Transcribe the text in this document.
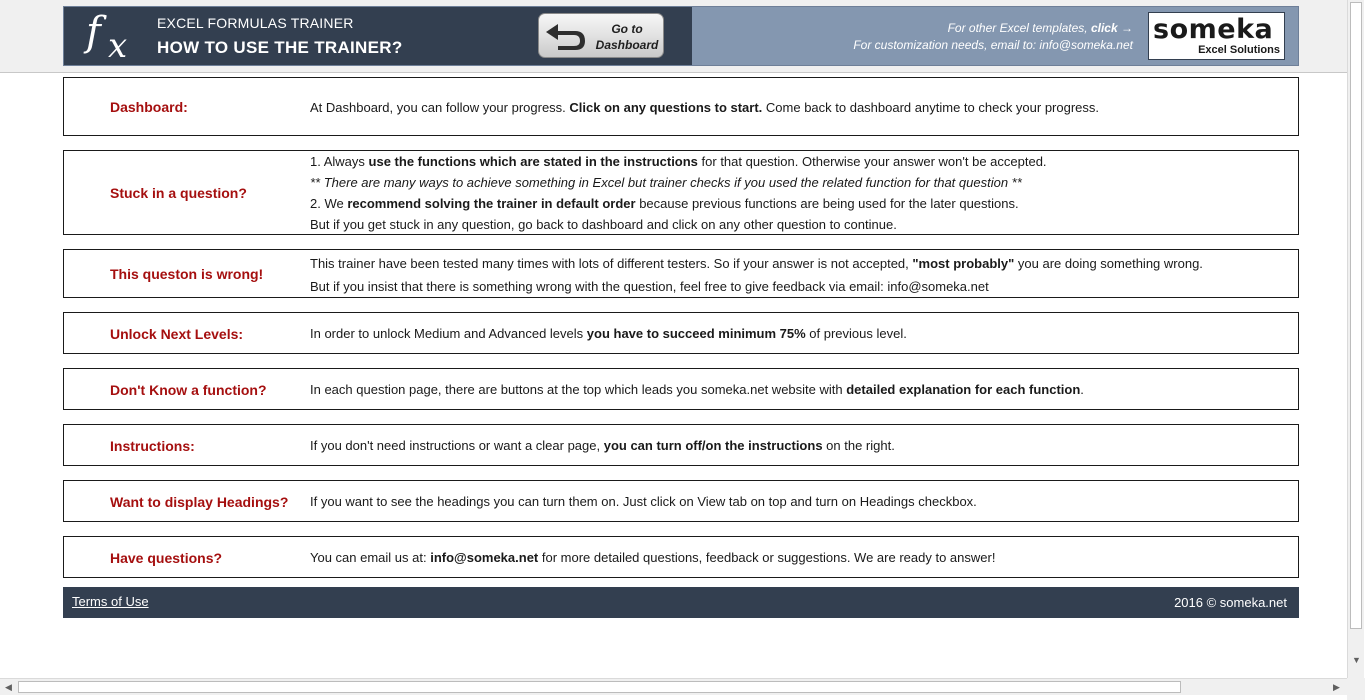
f x
EXCEL FORMULAS TRAINER
HOW TO USE THE TRAINER?
Go to
Dashboard
For other Excel templates, click →
For customization needs, email to: info@someka.net someka
Excel Solutions
Dashboard:	At Dashboard, you can follow your progress. Click on any questions to start. Come back to dashboard anytime to check your progress.
Stuck in a question?
1. Always use the functions which are stated in the instructions for that question. Otherwise your answer won't be accepted.
** There are many ways to achieve something in Excel but trainer checks if you used the related function for that question **
2. We recommend solving the trainer in default order because previous functions are being used for the later questions.
But if you get stuck in any question, go back to dashboard and click on any other question to continue.
This queston is wrong!
This trainer have been tested many times with lots of different testers. So if your answer is not accepted, "most probably" you are doing something wrong.
But if you insist that there is something wrong with the question, feel free to give feedback via email: info@someka.net
Unlock Next Levels:	In order to unlock Medium and Advanced levels you have to succeed minimum 75% of previous level.
Don't Know a function?	In each question page, there are buttons at the top which leads you someka.net website with detailed explanation for each function.
Instructions:	If you don't need instructions or want a clear page, you can turn off/on the instructions on the right.
Want to display Headings? If you want to see the headings you can turn them on. Just click on View tab on top and turn on Headings checkbox.
Have questions?	You can email us at: info@someka.net for more detailed questions, feedback or suggestions. We are ready to answer!
Terms of Use	2016 © someka.net
▼
◀	▶
